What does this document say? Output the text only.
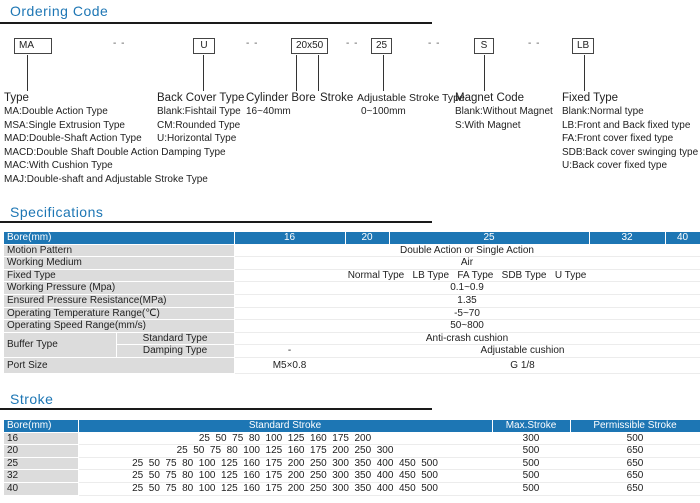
Ordering Code
MA	- -	U	- -	20x50	- -	25	- -	S	- -	LB
Type
MA:Double Action Type
MSA:Single Extrusion Type
MAD:Double-Shaft Action Type
MACD:Double Shaft Double Action Damping Type
MAC:With Cushion Type
MAJ:Double-shaft and Adjustable Stroke Type
Back Cover Type
Blank:Fishtail Type
CM:Rounded Type
U:Horizontal Type
Cylinder Bore
16~40mm
Stroke Adjustable Stroke Type
0~100mm
Magnet Code
Blank:Without Magnet
S:With Magnet
Fixed Type
Blank:Normal type
LB:Front and Back fixed type
FA:Front cover fixed type
SDB:Back cover swinging type
U:Back cover fixed type
Specifications
Bore(mm)		16	20	25	32	40
Motion Pattern		Double Action or Single Action				
Working Medium		Air				
Fixed Type		Normal Type   LB Type   FA Type   SDB Type   U Type				
Working Pressure (Mpa)		0.1~0.9				
Ensured Pressure Resistance(MPa)		1.35				
Operating Temperature Range(℃)		-5~70				
Operating Speed Range(mm/s)		50~800				
Buffer Type	Standard Type	Anti-crash cushion				
	Damping Type	-	Adjustable cushion			
Port Size		M5×0.8	G 1/8			
Stroke
Bore(mm)	Standard Stroke	Max.Stroke	Permissible Stroke
16	25  50  75  80  100  125  160  175  200	300	500
20	25  50  75  80  100  125  160  175  200  250  300	500	650
25	25  50  75  80  100  125  160  175  200  250  300  350  400  450  500	500	650
32	25  50  75  80  100  125  160  175  200  250  300  350  400  450  500	500	650
40	25  50  75  80  100  125  160  175  200  250  300  350  400  450  500	500	650
